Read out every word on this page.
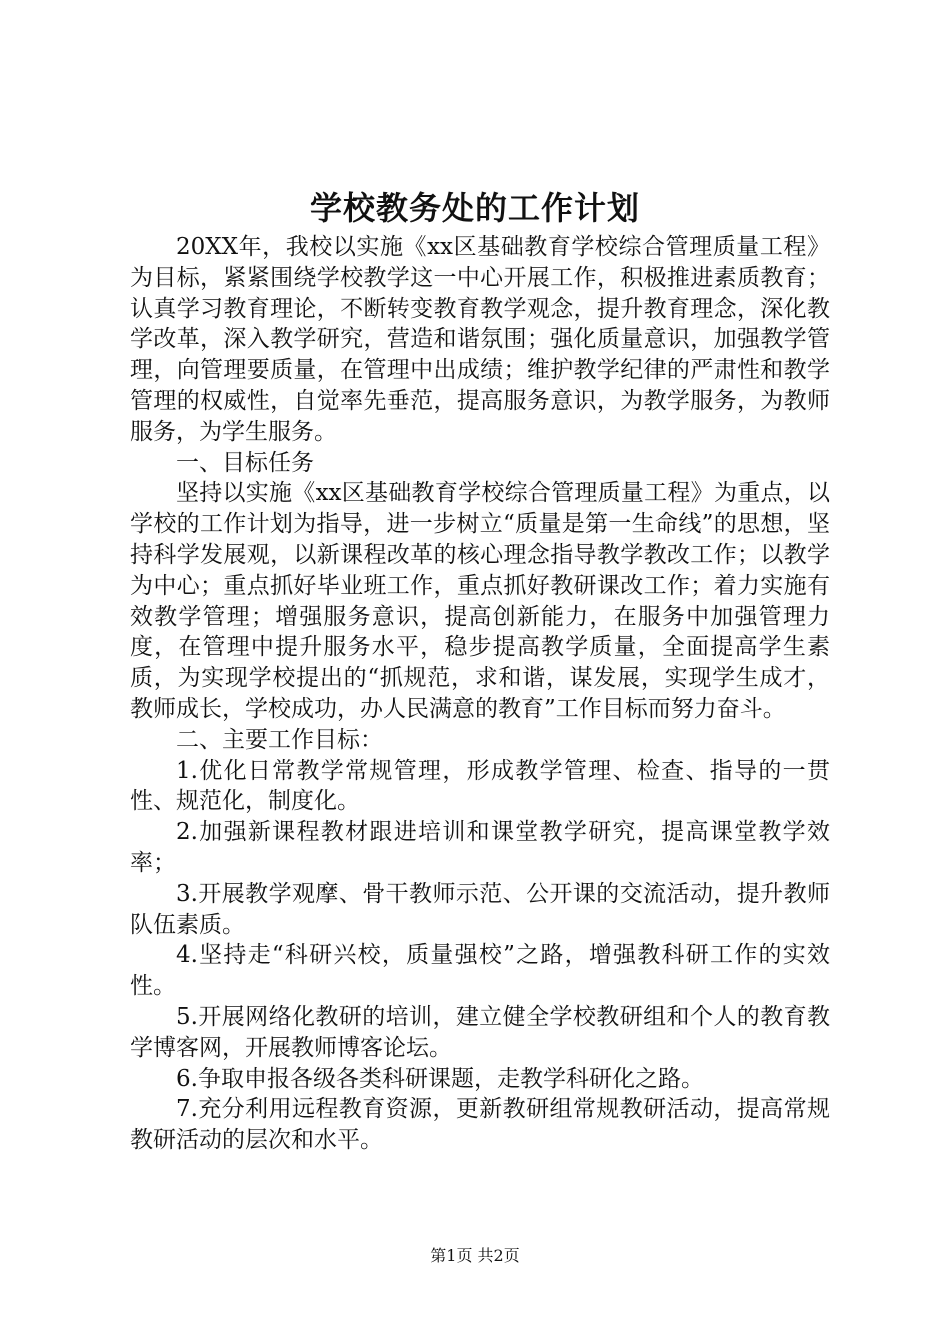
学校教务处的工作计划

20XX年，我校以实施《xx区基础教育学校综合管理质量工程》为目标，紧紧围绕学校教学这一中心开展工作，积极推进素质教育；认真学习教育理论，不断转变教育教学观念，提升教育理念，深化教学改革，深入教学研究，营造和谐氛围；强化质量意识，加强教学管理，向管理要质量，在管理中出成绩；维护教学纪律的严肃性和教学管理的权威性，自觉率先垂范，提高服务意识，为教学服务，为教师服务，为学生服务。

一、目标任务

坚持以实施《xx区基础教育学校综合管理质量工程》为重点，以学校的工作计划为指导，进一步树立“质量是第一生命线”的思想，坚持科学发展观，以新课程改革的核心理念指导教学教改工作；以教学为中心；重点抓好毕业班工作，重点抓好教研课改工作；着力实施有效教学管理；增强服务意识，提高创新能力，在服务中加强管理力度，在管理中提升服务水平，稳步提高教学质量，全面提高学生素质，为实现学校提出的“抓规范，求和谐，谋发展，实现学生成才，教师成长，学校成功，办人民满意的教育”工作目标而努力奋斗。

二、主要工作目标：

1.优化日常教学常规管理，形成教学管理、检查、指导的一贯性、规范化，制度化。

2.加强新课程教材跟进培训和课堂教学研究，提高课堂教学效率；

3.开展教学观摩、骨干教师示范、公开课的交流活动，提升教师队伍素质。

4.坚持走“科研兴校，质量强校”之路，增强教科研工作的实效性。

5.开展网络化教研的培训，建立健全学校教研组和个人的教育教学博客网，开展教师博客论坛。

6.争取申报各级各类科研课题，走教学科研化之路。

7.充分利用远程教育资源，更新教研组常规教研活动，提高常规教研活动的层次和水平。

第1页 共2页
